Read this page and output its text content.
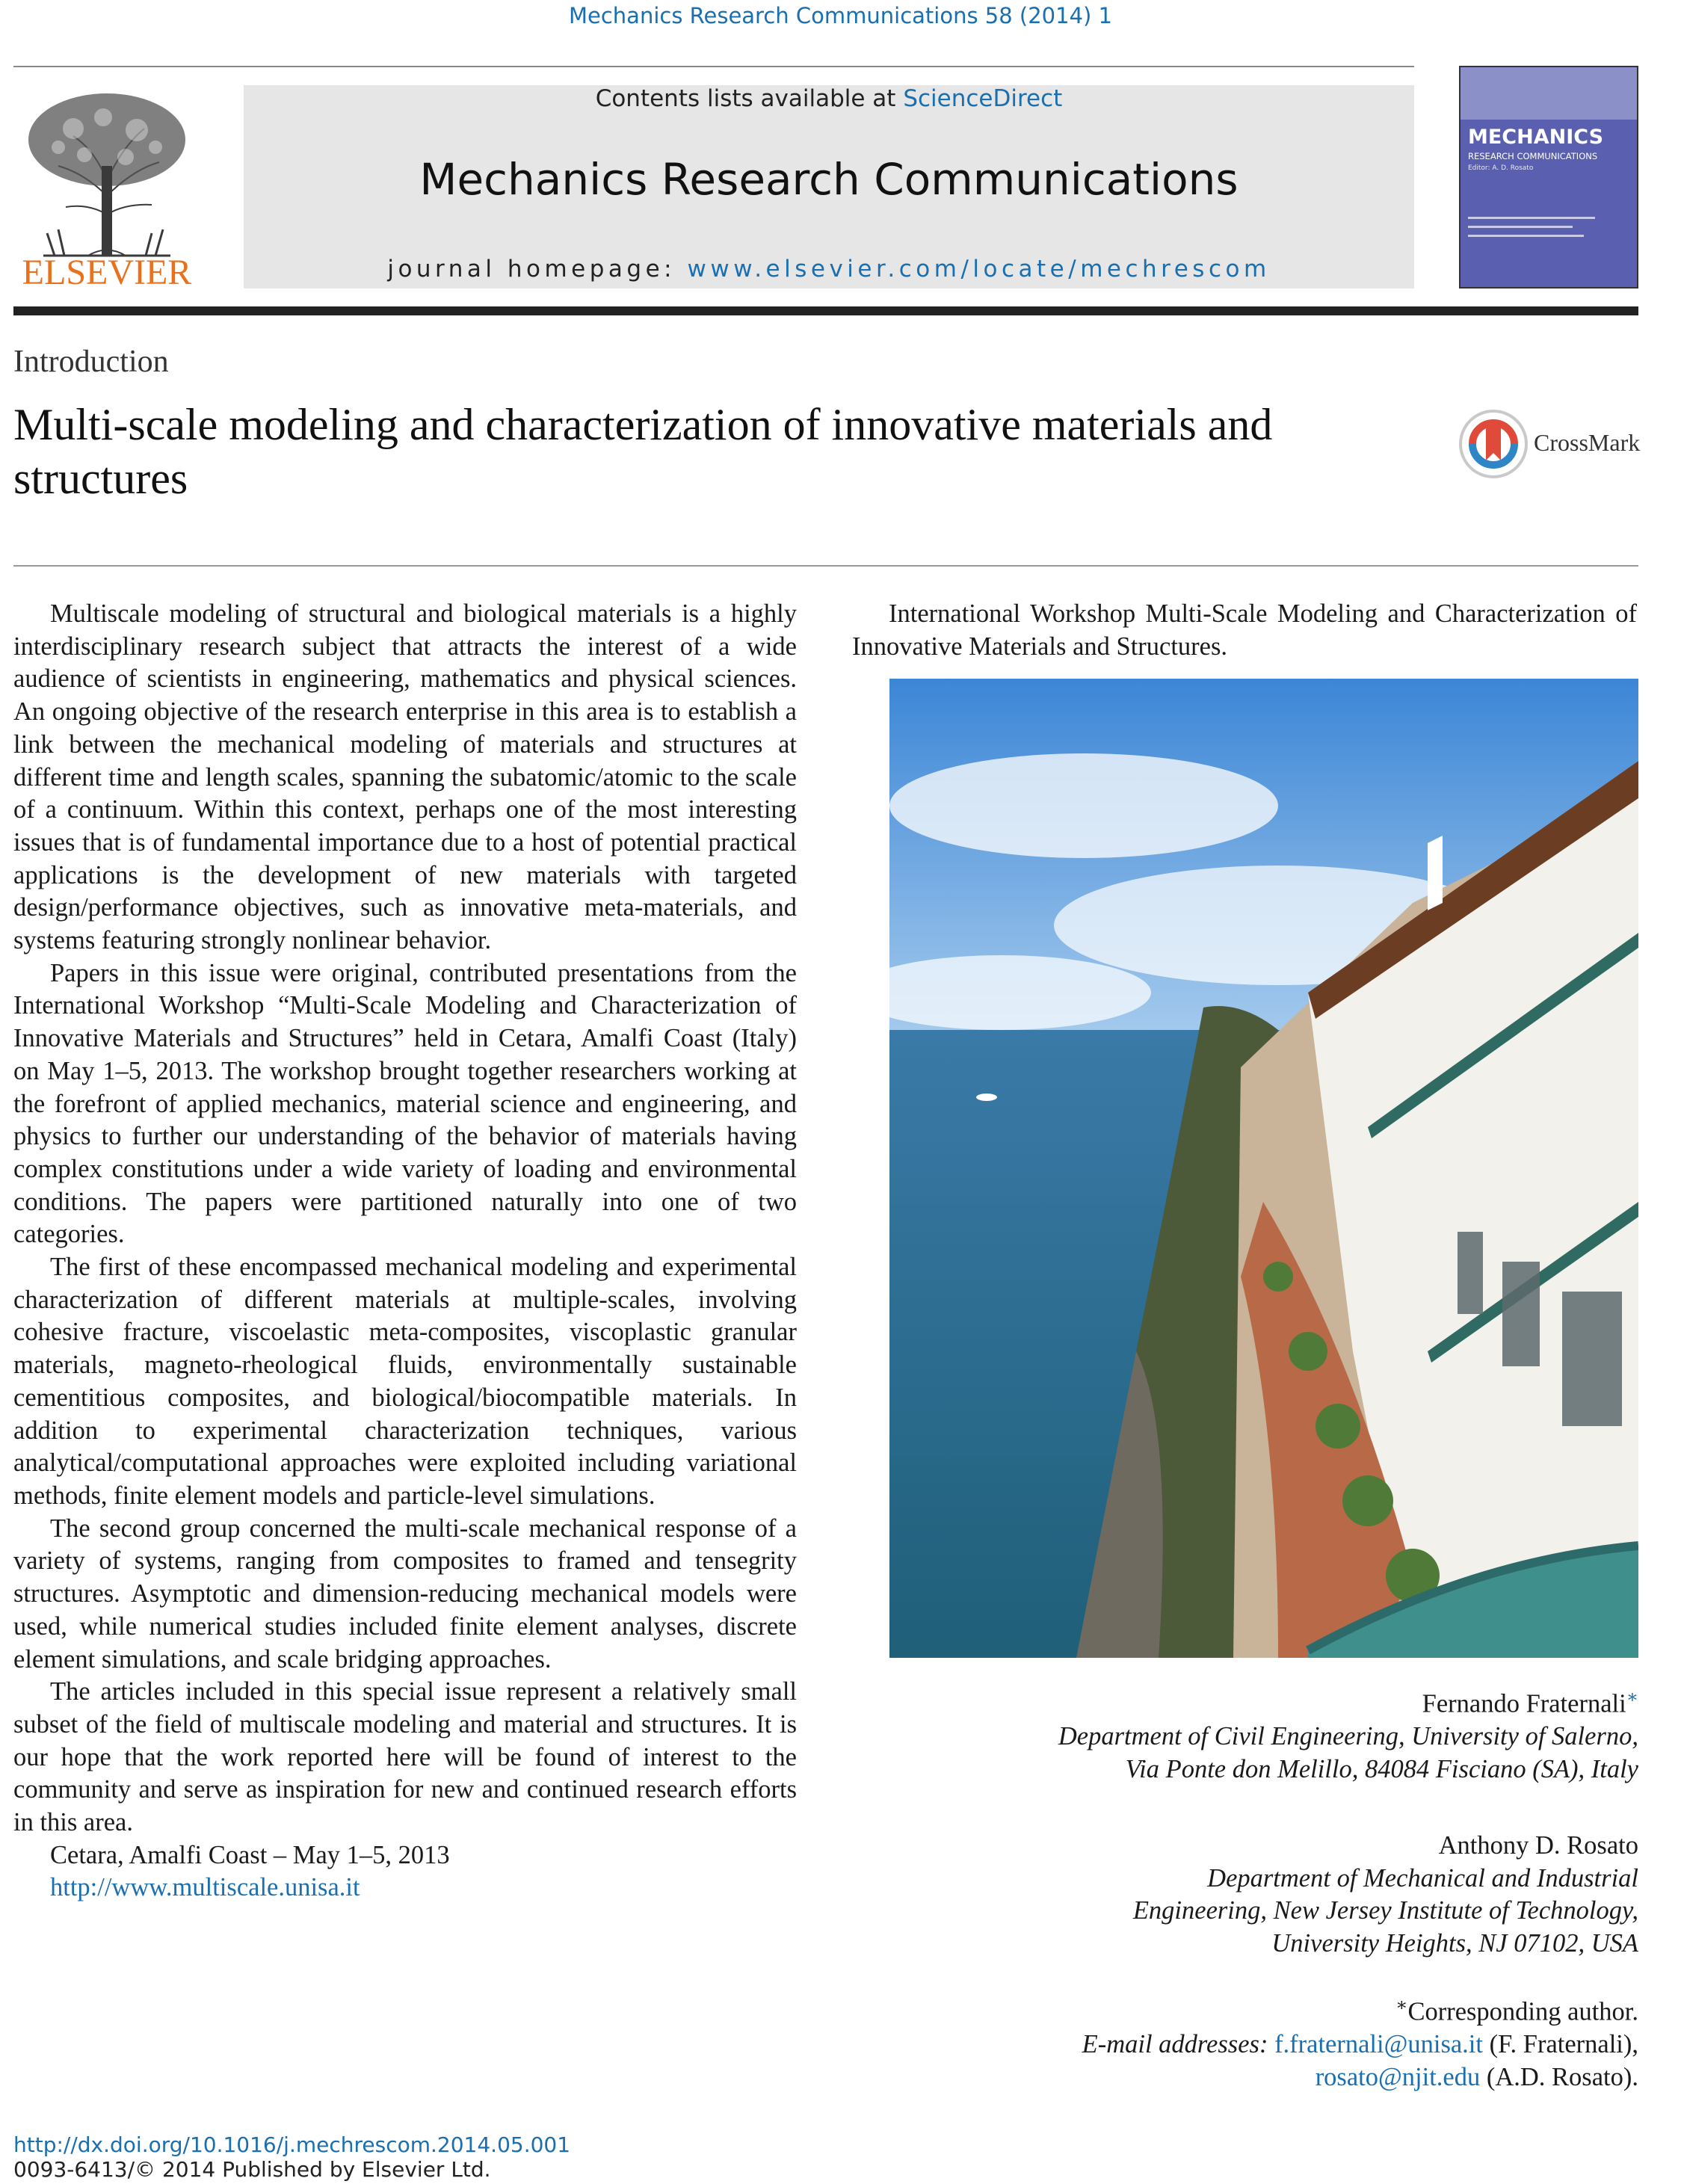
Mechanics Research Communications 58 (2014) 1
ELSEVIER
Contents lists available at ScienceDirect
Mechanics Research Communications
journal homepage: www.elsevier.com/locate/mechrescom
MECHANICS
RESEARCH COMMUNICATIONS
Editor: A. D. Rosato
Introduction
Multi-scale modeling and characterization of innovative materials and structures
CrossMark

Multiscale modeling of structural and biological materials is a highly interdisciplinary research subject that attracts the interest of a wide audience of scientists in engineering, mathematics and physical sciences. An ongoing objective of the research enterprise in this area is to establish a link between the mechanical modeling of materials and structures at different time and length scales, spanning the subatomic/atomic to the scale of a continuum. Within this context, perhaps one of the most interesting issues that is of fundamental importance due to a host of potential practical applications is the development of new materials with targeted design/performance objectives, such as innovative meta-materials, and systems featuring strongly nonlinear behavior.

Papers in this issue were original, contributed presentations from the International Workshop “Multi-Scale Modeling and Characterization of Innovative Materials and Structures” held in Cetara, Amalfi Coast (Italy) on May 1–5, 2013. The workshop brought together researchers working at the forefront of applied mechanics, material science and engineering, and physics to further our understanding of the behavior of materials having complex constitutions under a wide variety of loading and environmental conditions. The papers were partitioned naturally into one of two categories.

The first of these encompassed mechanical modeling and experimental characterization of different materials at multiple-scales, involving cohesive fracture, viscoelastic meta-composites, viscoplastic granular materials, magneto-rheological fluids, environmentally sustainable cementitious composites, and biological/biocompatible materials. In addition to experimental characterization techniques, various analytical/computational approaches were exploited including variational methods, finite element models and particle-level simulations.

The second group concerned the multi-scale mechanical response of a variety of systems, ranging from composites to framed and tensegrity structures. Asymptotic and dimension-reducing mechanical models were used, while numerical studies included finite element analyses, discrete element simulations, and scale bridging approaches.

The articles included in this special issue represent a relatively small subset of the field of multiscale modeling and material and structures. It is our hope that the work reported here will be found of interest to the community and serve as inspiration for new and continued research efforts in this area.

Cetara, Amalfi Coast – May 1–5, 2013

http://www.multiscale.unisa.it

International Workshop Multi-Scale Modeling and Characterization of Innovative Materials and Structures.

Fernando Fraternali∗
Department of Civil Engineering, University of Salerno, Via Ponte don Melillo, 84084 Fisciano (SA), Italy
Anthony D. Rosato
Department of Mechanical and Industrial Engineering, New Jersey Institute of Technology, University Heights, NJ 07102, USA
∗Corresponding author.
E-mail addresses: f.fraternali@unisa.it (F. Fraternali), rosato@njit.edu (A.D. Rosato).
http://dx.doi.org/10.1016/j.mechrescom.2014.05.001
0093-6413/© 2014 Published by Elsevier Ltd.
